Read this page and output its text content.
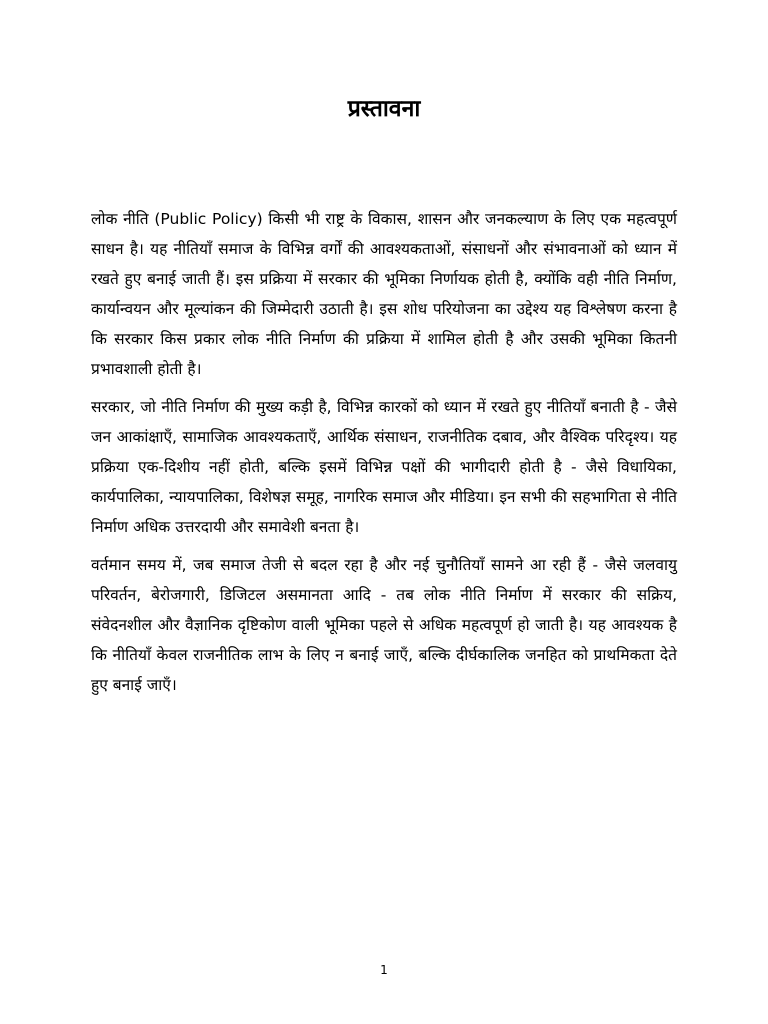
प्रस्तावना

लोक नीति (Public Policy) किसी भी राष्ट्र के विकास, शासन और जनकल्याण के लिए एक महत्वपूर्ण साधन है। यह नीतियाँ समाज के विभिन्न वर्गों की आवश्यकताओं, संसाधनों और संभावनाओं को ध्यान में रखते हुए बनाई जाती हैं। इस प्रक्रिया में सरकार की भूमिका निर्णायक होती है, क्योंकि वही नीति निर्माण, कार्यान्वयन और मूल्यांकन की जिम्मेदारी उठाती है। इस शोध परियोजना का उद्देश्य यह विश्लेषण करना है कि सरकार किस प्रकार लोक नीति निर्माण की प्रक्रिया में शामिल होती है और उसकी भूमिका कितनी प्रभावशाली होती है।

सरकार, जो नीति निर्माण की मुख्य कड़ी है, विभिन्न कारकों को ध्यान में रखते हुए नीतियाँ बनाती है - जैसे जन आकांक्षाएँ, सामाजिक आवश्यकताएँ, आर्थिक संसाधन, राजनीतिक दबाव, और वैश्विक परिदृश्य। यह प्रक्रिया एक-दिशीय नहीं होती, बल्कि इसमें विभिन्न पक्षों की भागीदारी होती है - जैसे विधायिका, कार्यपालिका, न्यायपालिका, विशेषज्ञ समूह, नागरिक समाज और मीडिया। इन सभी की सहभागिता से नीति निर्माण अधिक उत्तरदायी और समावेशी बनता है।

वर्तमान समय में, जब समाज तेजी से बदल रहा है और नई चुनौतियाँ सामने आ रही हैं - जैसे जलवायु परिवर्तन, बेरोजगारी, डिजिटल असमानता आदि - तब लोक नीति निर्माण में सरकार की सक्रिय, संवेदनशील और वैज्ञानिक दृष्टिकोण वाली भूमिका पहले से अधिक महत्वपूर्ण हो जाती है। यह आवश्यक है कि नीतियाँ केवल राजनीतिक लाभ के लिए न बनाई जाएँ, बल्कि दीर्घकालिक जनहित को प्राथमिकता देते हुए बनाई जाएँ।

1
